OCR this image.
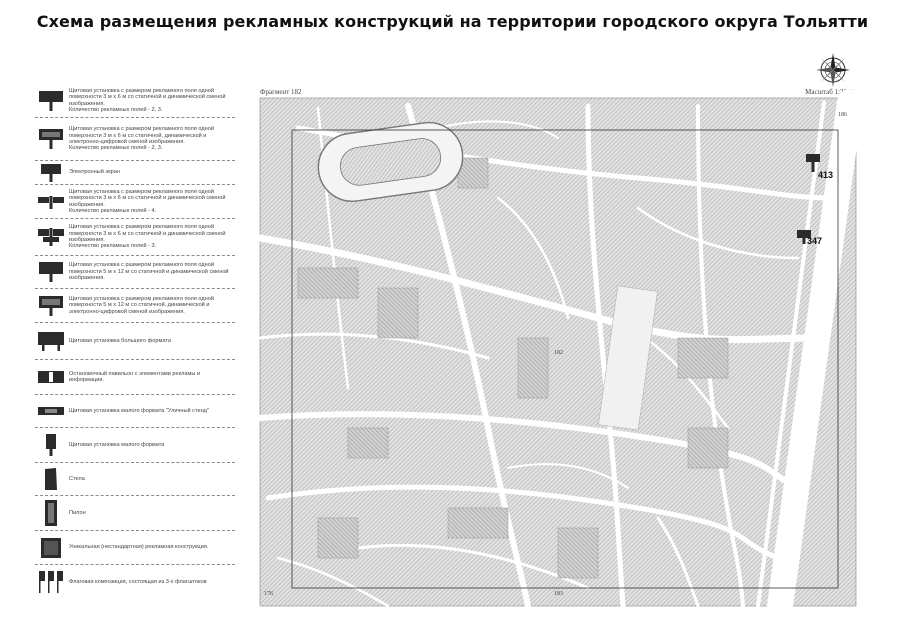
Схема размещения рекламных конструкций на территории городского округа Тольятти
Щитовая установка с размером рекламного поля одной поверхности 3 м х 6 м со статичной и динамической сменой изображения.
Количество рекламных полей - 2, 3.
Щитовая установка с размером рекламного поля одной поверхности 3 м х 6 м со статичной, динамической и электронно-цифровой сменой изображения.
Количество рекламных полей - 2, 3.
Электронный экран
Щитовая установка с размером рекламного поля одной поверхности 3 м х 6 м со статичной и динамической сменой изображения.
Количество рекламных полей - 4.
Щитовая установка с размером рекламного поля одной поверхности 3 м х 6 м со статичной и динамической сменой изображения.
Количество рекламных полей - 3.
Щитовая установка с размером рекламного поля одной поверхности 5 м х 12 м со статичной и динамической сменой изображения.
Щитовая установка с размером рекламного поля одной поверхности 5 м х 12 м со статичной, динамической и электронно-цифровой сменой изображения.
Щитовая установка большого формата
Остановочный павильон с элементами рекламы и информации.
Щитовая установка малого формата "Уличный стенд"
Щитовая установка малого формата
Стела
Пилон
Уникальная (нестандартная) рекламная конструкция.
Флаговая композиция, состоящая из 3-х флагштоков
Фрагмент 182	Масштаб 1:2200
186
176	183
182
413
347
